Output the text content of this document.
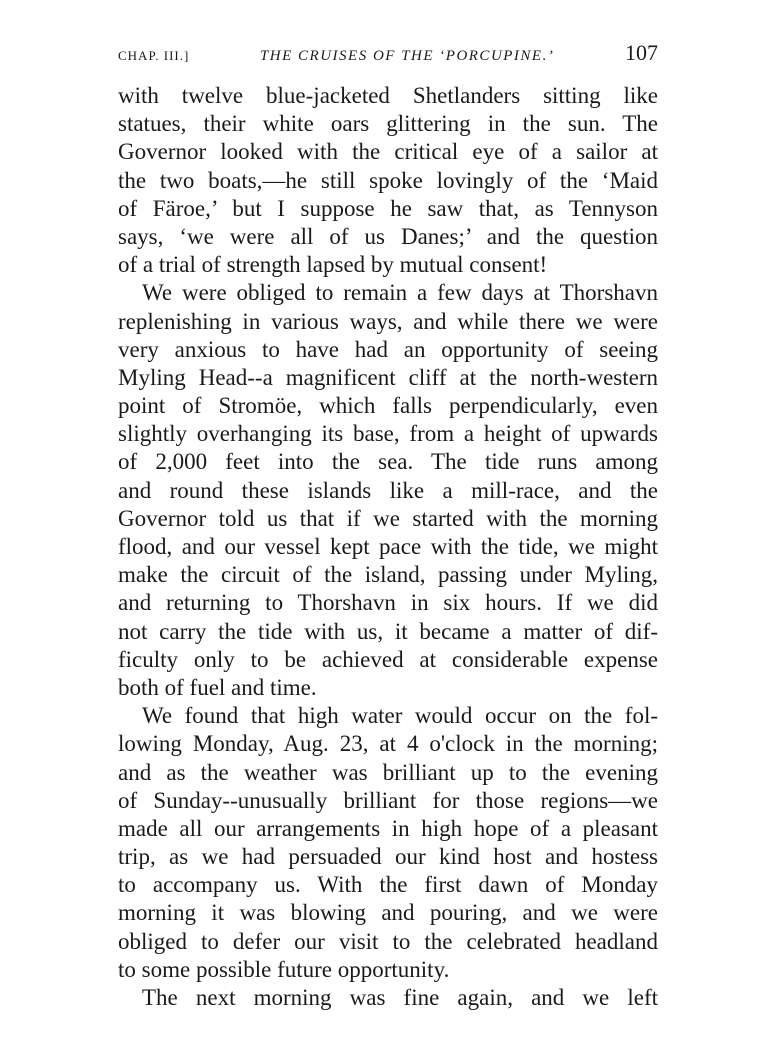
CHAP. III.]	THE CRUISES OF THE ‘PORCUPINE.’	107
with twelve blue-jacketed Shetlanders sitting like
statues, their white oars glittering in the sun. The
Governor looked with the critical eye of a sailor at
the two boats,—he still spoke lovingly of the ‘Maid
of Färoe,’ but I suppose he saw that, as Tennyson
says, ‘we were all of us Danes;’ and the question
of a trial of strength lapsed by mutual consent!
We were obliged to remain a few days at Thorshavn
replenishing in various ways, and while there we were
very anxious to have had an opportunity of seeing
Myling Head--a magnificent cliff at the north-western
point of Stromöe, which falls perpendicularly, even
slightly overhanging its base, from a height of upwards
of 2,000 feet into the sea. The tide runs among
and round these islands like a mill-race, and the
Governor told us that if we started with the morning
flood, and our vessel kept pace with the tide, we might
make the circuit of the island, passing under Myling,
and returning to Thorshavn in six hours. If we did
not carry the tide with us, it became a matter of dif-
ficulty only to be achieved at considerable expense
both of fuel and time.
We found that high water would occur on the fol-
lowing Monday, Aug. 23, at 4 o'clock in the morning;
and as the weather was brilliant up to the evening
of Sunday--unusually brilliant for those regions—we
made all our arrangements in high hope of a pleasant
trip, as we had persuaded our kind host and hostess
to accompany us. With the first dawn of Monday
morning it was blowing and pouring, and we were
obliged to defer our visit to the celebrated headland
to some possible future opportunity.
The next morning was fine again, and we left
